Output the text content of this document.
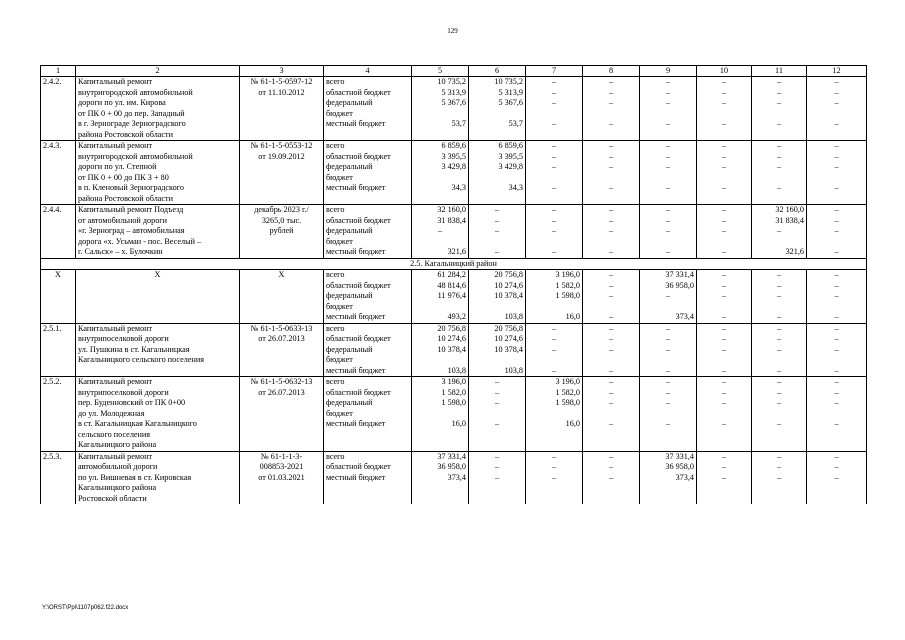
129
1	2	3	4	5	6	7	8	9	10	11	12
2.4.2.	Капитальный ремонт	№ 61-1-5-0597-12	всего	10 735,2	10 735,2	–	–	–	–	–	–
	внутригородской автомобильной	от 11.10.2012	областной бюджет	5 313,9	5 313,9	–	–	–	–	–	–
	дороги по ул. им. Кирова		федеральный	5 367,6	5 367,6	–	–	–	–	–	–
	от ПК 0 + 00 до пер. Западный		бюджет								
	в г. Зернограде Зерноградского		местный бюджет	53,7	53,7	–	–	–	–	–	–
	района Ростовской области										
2.4.3.	Капитальный ремонт	№ 61-1-5-0553-12	всего	6 859,6	6 859,6	–	–	–	–	–	–
	внутригородской автомобильной	от 19.09.2012	областной бюджет	3 395,5	3 395,5	–	–	–	–	–	–
	дороги по ул. Степной		федеральный	3 429,8	3 429,8	–	–	–	–	–	–
	от ПК 0 + 00 до ПК 3 + 80		бюджет								
	в п. Кленовый Зерноградского		местный бюджет	34,3	34,3	–	–	–	–	–	–
	района Ростовской области										
2.4.4.	Капитальный ремонт Подъезд	декабрь 2023 г./	всего	32 160,0	–	–	–	–	–	32 160,0	–
	от автомобильной дороги	3265,0 тыс.	областной бюджет	31 838,4	–	–	–	–	–	31 838,4	–
	«г. Зерноград – автомобильная	рублей	федеральный	–	–	–	–	–	–	–	–
	дорога «х. Усьман - пос. Веселый –		бюджет								
	г. Сальск» – х. Булочкин		местный бюджет	321,6	–	–	–	–	–	321,6	–
2.5. Кагальницкий район											
Х	Х	Х	всего	61 284,2	20 756,8	3 196,0	–	37 331,4	–	–	–
			областной бюджет	48 814,6	10 274,6	1 582,0	–	36 958,0	–	–	–
			федеральный	11 976,4	10 378,4	1 598,0	–	–	–	–	–
			бюджет								
			местный бюджет	493,2	103,8	16,0	–	373,4	–	–	–
2.5.1.	Капитальный ремонт	№ 61-1-5-0633-13	всего	20 756,8	20 756,8	–	–	–	–	–	–
	внутрипоселковой дороги	от 26.07.2013	областной бюджет	10 274,6	10 274,6	–	–	–	–	–	–
	ул. Пушкина в ст. Кагальницкая		федеральный	10 378,4	10 378,4	–	–	–	–	–	–
	Кагальницкого сельского поселения		бюджет								
			местный бюджет	103,8	103,8	–	–	–	–	–	–
2.5.2.	Капитальный ремонт	№ 61-1-5-0632-13	всего	3 196,0	–	3 196,0	–	–	–	–	–
	внутрипоселковой дороги	от 26.07.2013	областной бюджет	1 582,0	–	1 582,0	–	–	–	–	–
	пер. Буденновский от ПК 0+00		федеральный	1 598,0	–	1 598,0	–	–	–	–	–
	до ул. Молодежная		бюджет								
	в ст. Кагальницкая Кагальницкого		местный бюджет	16,0	–	16,0	–	–	–	–	–
	сельского поселения										
	Кагальницкого района										
2.5.3.	Капитальный ремонт	№ 61-1-1-3-	всего	37 331,4	–	–	–	37 331,4	–	–	–
	автомобильной дороги	008853-2021	областной бюджет	36 958,0	–	–	–	36 958,0	–	–	–
	по ул. Вишневая в ст. Кировская	от 01.03.2021	местный бюджет	373,4	–	–	–	373,4	–	–	–
	Кагальницкого района										
	Ростовской области										
Y:\ORST\Ppi\1107p062.f22.docx
